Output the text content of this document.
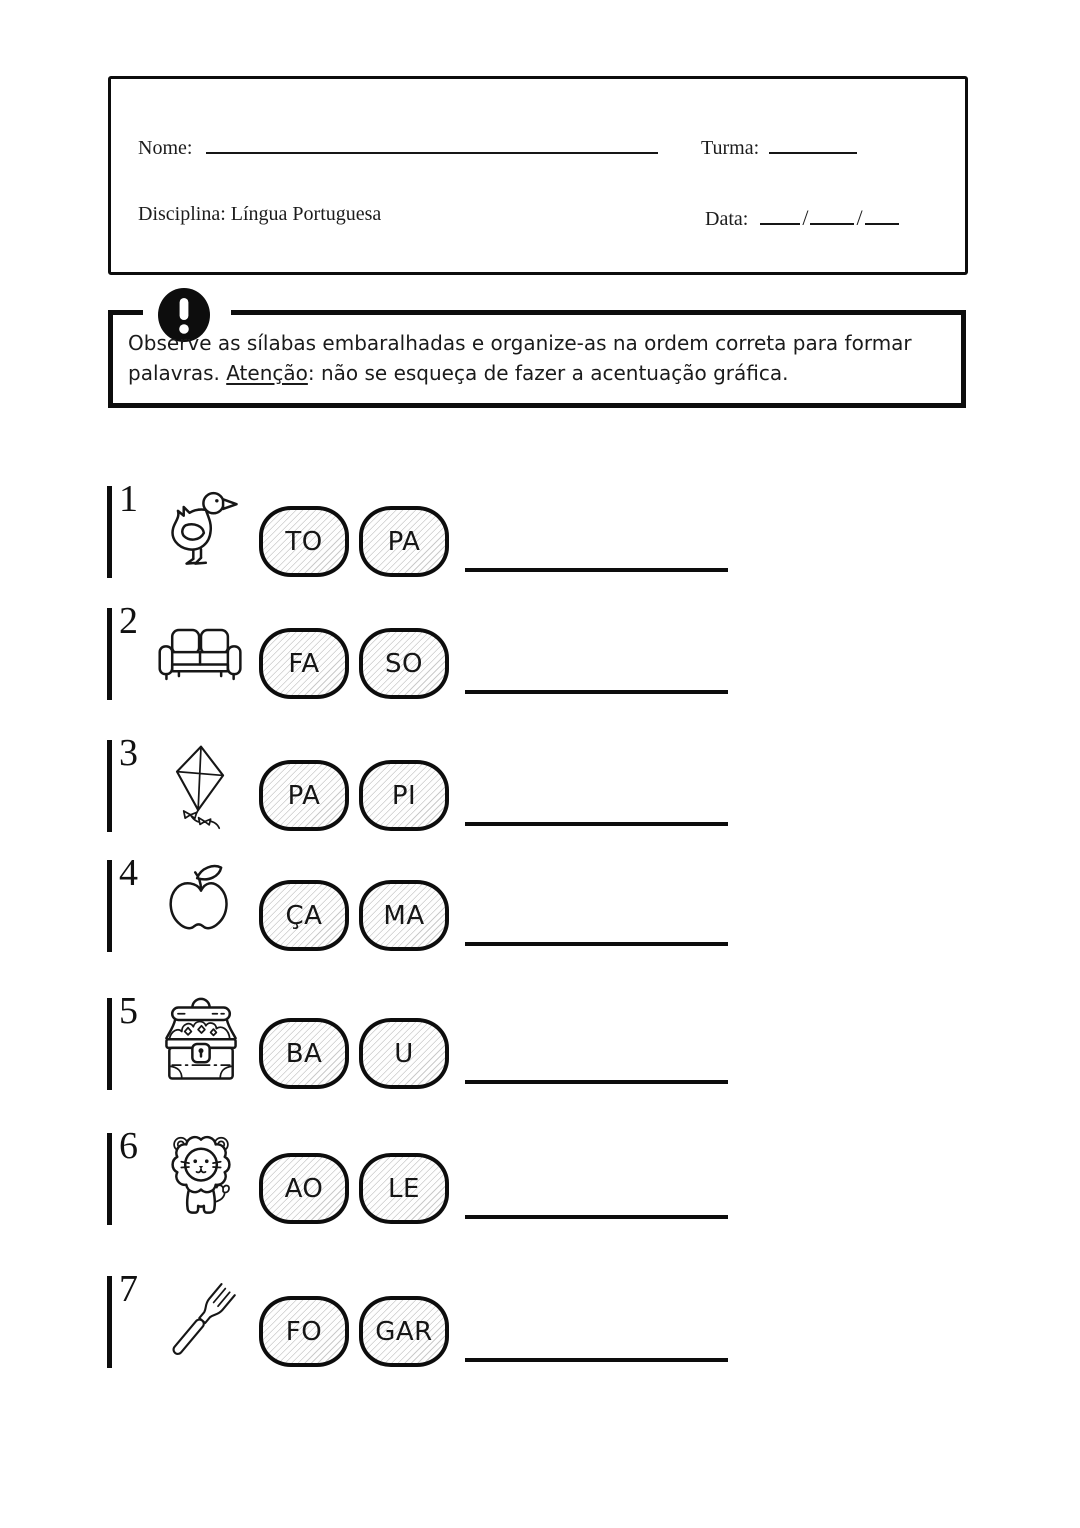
Nome:	Turma:
Disciplina: Língua Portuguesa	Data: / /
Observe as sílabas embaralhadas e organize-as na ordem correta para formar
palavras. Atenção: não se esqueça de fazer a acentuação gráfica.
1
TO PA
2
FA	SO
3
PA	PI
4
ÇA MA
5
BA	U
6
AO LE
7
FO GAR
